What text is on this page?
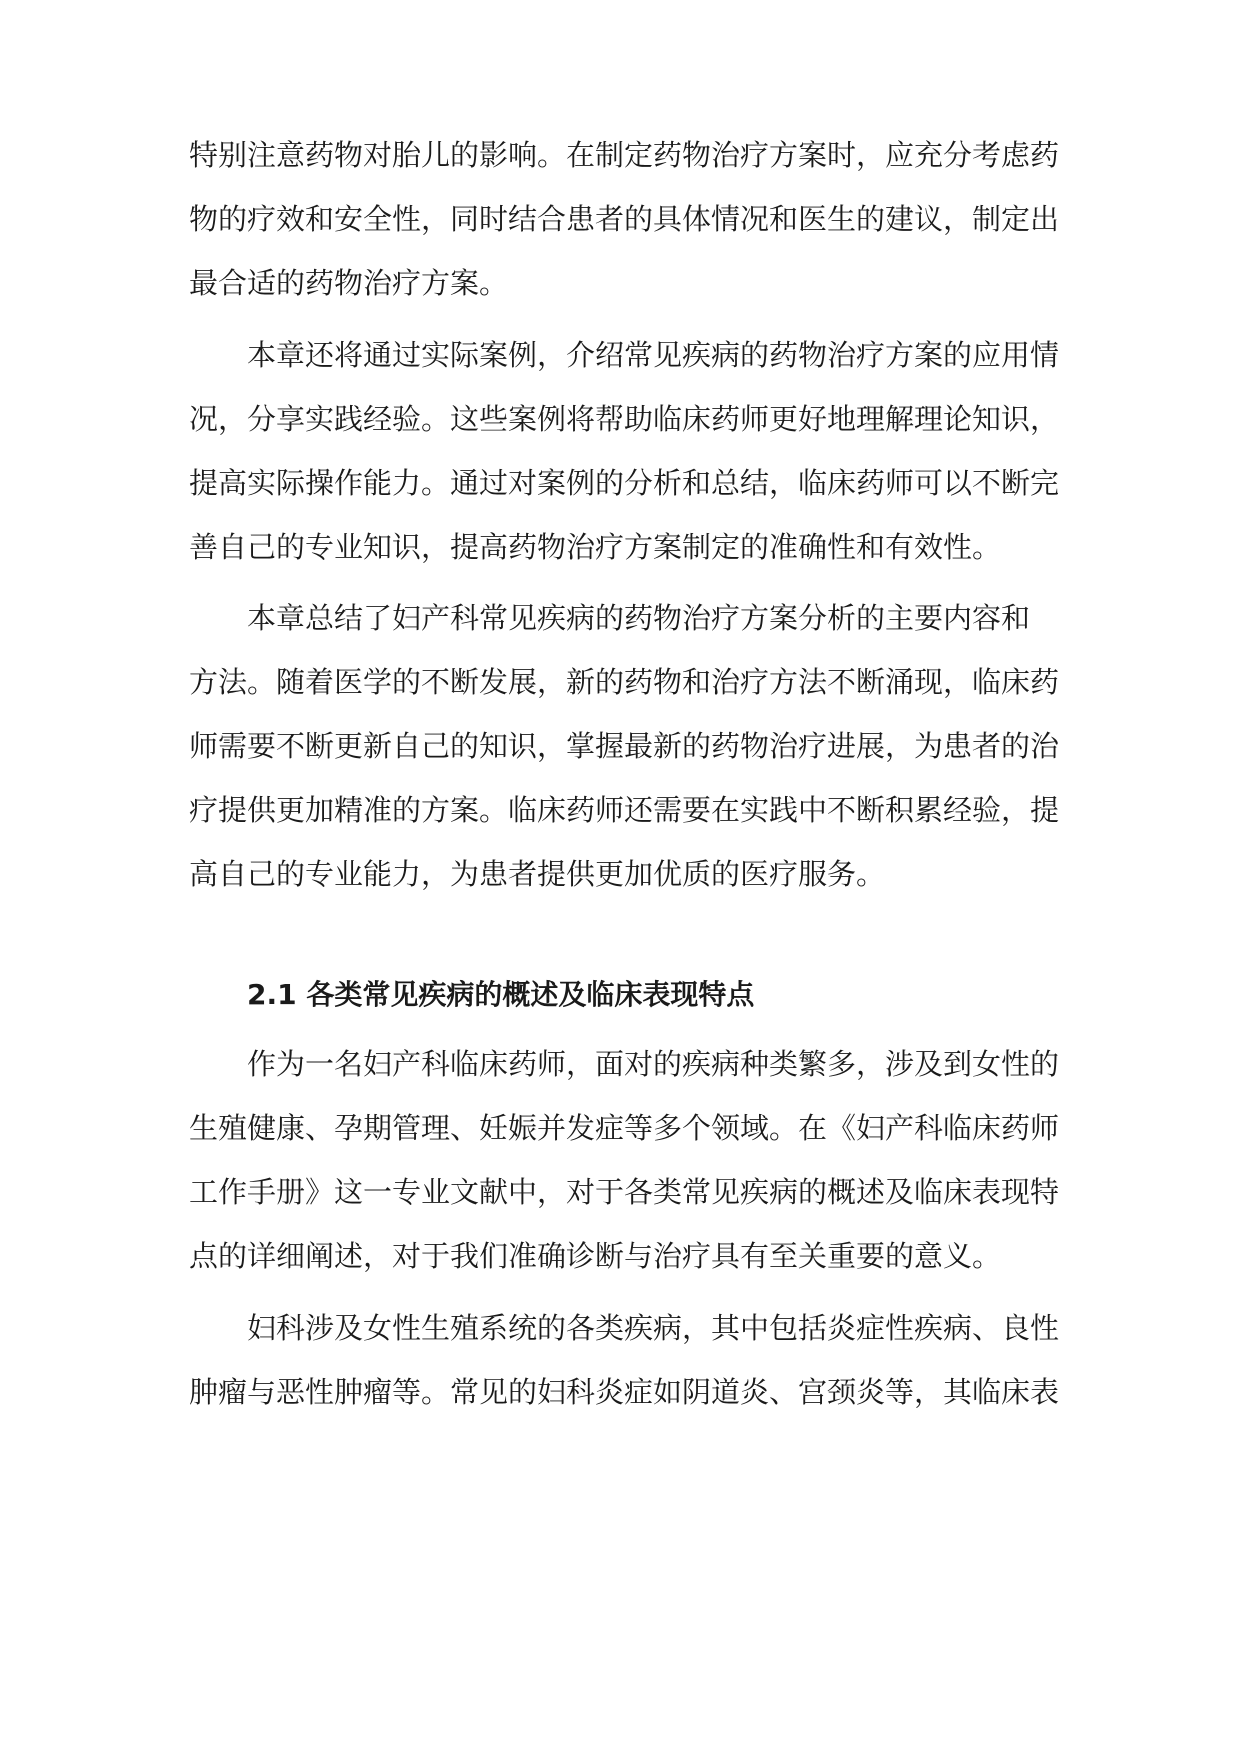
特别注意药物对胎儿的影响。在制定药物治疗方案时，应充分考虑药
物的疗效和安全性，同时结合患者的具体情况和医生的建议，制定出
最合适的药物治疗方案。
本章还将通过实际案例，介绍常见疾病的药物治疗方案的应用情
况，分享实践经验。这些案例将帮助临床药师更好地理解理论知识，
提高实际操作能力。通过对案例的分析和总结，临床药师可以不断完
善自己的专业知识，提高药物治疗方案制定的准确性和有效性。
本章总结了妇产科常见疾病的药物治疗方案分析的主要内容和
方法。随着医学的不断发展，新的药物和治疗方法不断涌现，临床药
师需要不断更新自己的知识，掌握最新的药物治疗进展，为患者的治
疗提供更加精准的方案。临床药师还需要在实践中不断积累经验，提
高自己的专业能力，为患者提供更加优质的医疗服务。
2.1 各类常见疾病的概述及临床表现特点
作为一名妇产科临床药师，面对的疾病种类繁多，涉及到女性的
生殖健康、孕期管理、妊娠并发症等多个领域。在《妇产科临床药师
工作手册》这一专业文献中，对于各类常见疾病的概述及临床表现特
点的详细阐述，对于我们准确诊断与治疗具有至关重要的意义。
妇科涉及女性生殖系统的各类疾病，其中包括炎症性疾病、良性
肿瘤与恶性肿瘤等。常见的妇科炎症如阴道炎、宫颈炎等，其临床表
